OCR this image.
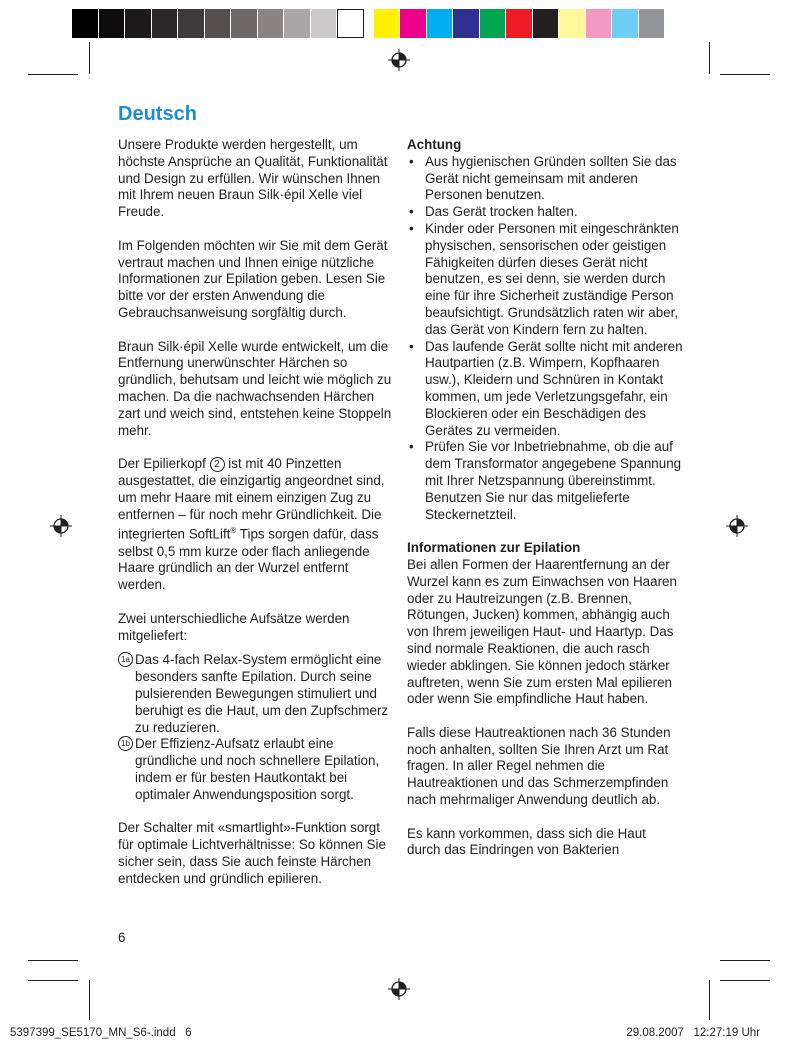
Deutsch

Unsere Produkte werden hergestellt, um höchste Ansprüche an Qualität, Funktionalität und Design zu erfüllen. Wir wünschen Ihnen mit Ihrem neuen Braun Silk·épil Xelle viel Freude.

Im Folgenden möchten wir Sie mit dem Gerät vertraut machen und Ihnen einige nützliche Informationen zur Epilation geben. Lesen Sie bitte vor der ersten Anwendung die Gebrauchsanweisung sorgfältig durch.

Braun Silk·épil Xelle wurde entwickelt, um die Entfernung unerwünschter Härchen so gründlich, behutsam und leicht wie möglich zu machen. Da die nachwachsenden Härchen zart und weich sind, entstehen keine Stoppeln mehr.

Der Epilierkopf 2 ist mit 40 Pinzetten ausgestattet, die einzigartig angeordnet sind, um mehr Haare mit einem einzigen Zug zu entfernen – für noch mehr Gründlichkeit. Die integrierten SoftLift® Tips sorgen dafür, dass selbst 0,5 mm kurze oder flach anliegende Haare gründlich an der Wurzel entfernt werden.

Zwei unterschiedliche Aufsätze werden mitgeliefert:

1a Das 4-fach Relax-System ermöglicht eine besonders sanfte Epilation. Durch seine pulsierenden Bewegungen stimuliert und beruhigt es die Haut, um den Zupfschmerz zu reduzieren.
1b Der Effizienz-Aufsatz erlaubt eine gründliche und noch schnellere Epilation, indem er für besten Hautkontakt bei optimaler Anwendungsposition sorgt.

Der Schalter mit «smartlight»-Funktion sorgt für optimale Lichtverhältnisse: So können Sie sicher sein, dass Sie auch feinste Härchen entdecken und gründlich epilieren.

Achtung
• Aus hygienischen Gründen sollten Sie das Gerät nicht gemeinsam mit anderen Personen benutzen.
• Das Gerät trocken halten.
• Kinder oder Personen mit eingeschränkten physischen, sensorischen oder geistigen Fähigkeiten dürfen dieses Gerät nicht benutzen, es sei denn, sie werden durch eine für ihre Sicherheit zuständige Person beaufsichtigt. Grundsätzlich raten wir aber, das Gerät von Kindern fern zu halten.
• Das laufende Gerät sollte nicht mit anderen Hautpartien (z.B. Wimpern, Kopfhaaren usw.), Kleidern und Schnüren in Kontakt kommen, um jede Verletzungsgefahr, ein Blockieren oder ein Beschädigen des Gerätes zu vermeiden.
• Prüfen Sie vor Inbetriebnahme, ob die auf dem Transformator angegebene Spannung mit Ihrer Netzspannung übereinstimmt. Benutzen Sie nur das mitgelieferte Steckernetzteil.
Informationen zur Epilation

Bei allen Formen der Haarentfernung an der Wurzel kann es zum Einwachsen von Haaren oder zu Hautreizungen (z.B. Brennen, Rötungen, Jucken) kommen, abhängig auch von Ihrem jeweiligen Haut- und Haartyp. Das sind normale Reaktionen, die auch rasch wieder abklingen. Sie können jedoch stärker auftreten, wenn Sie zum ersten Mal epilieren oder wenn Sie empfindliche Haut haben.

Falls diese Hautreaktionen nach 36 Stunden noch anhalten, sollten Sie Ihren Arzt um Rat fragen. In aller Regel nehmen die Hautreaktionen und das Schmerzempfinden nach mehrmaliger Anwendung deutlich ab.

Es kann vorkommen, dass sich die Haut durch das Eindringen von Bakterien

6
5397399_SE5170_MN_S6-.indd   6	29.08.2007   12:27:19 Uhr
